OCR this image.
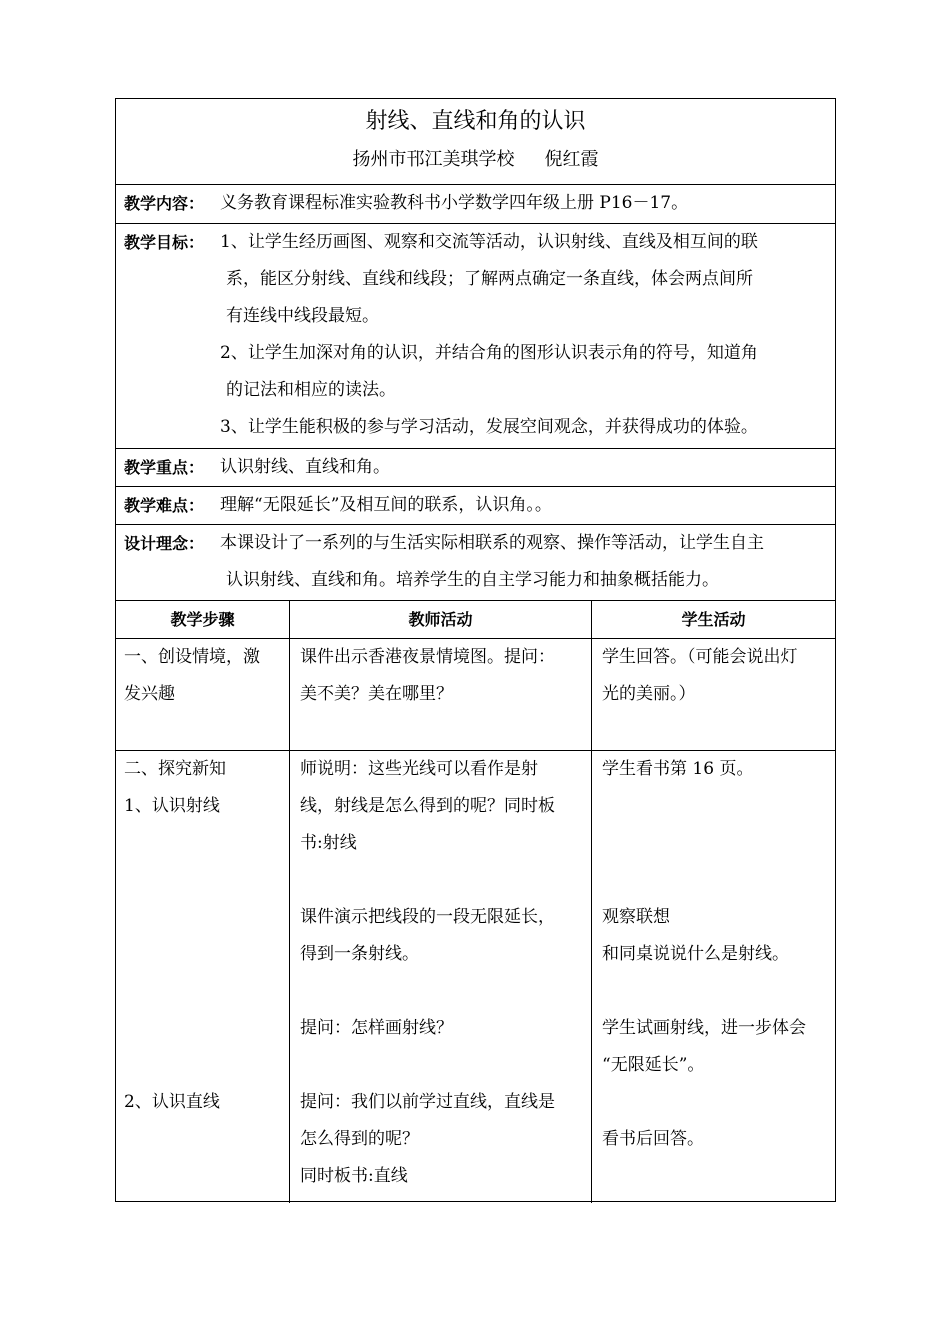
射线、直线和角的认识
扬州市邗江美琪学校 倪红霞
教学内容： 义务教育课程标准实验教科书小学数学四年级上册 P16－17。
教学目标： 1、让学生经历画图、观察和交流等活动，认识射线、直线及相互间的联
系，能区分射线、直线和线段；了解两点确定一条直线，体会两点间所
有连线中线段最短。
2、让学生加深对角的认识，并结合角的图形认识表示角的符号，知道角
的记法和相应的读法。
3、让学生能积极的参与学习活动，发展空间观念，并获得成功的体验。
教学重点： 认识射线、直线和角。
教学难点： 理解“无限延长”及相互间的联系，认识角。。
设计理念： 本课设计了一系列的与生活实际相联系的观察、操作等活动，让学生自主
认识射线、直线和角。培养学生的自主学习能力和抽象概括能力。
教学步骤	教师活动	学生活动
一、创设情境，激
发兴趣
课件出示香港夜景情境图。提问：
美不美？美在哪里？
学生回答。（可能会说出灯
光的美丽。）
二、探究新知
1、认识射线
2、认识直线
师说明：这些光线可以看作是射
线，射线是怎么得到的呢？同时板
书:射线
课件演示把线段的一段无限延长，
得到一条射线。
提问：怎样画射线？
提问：我们以前学过直线，直线是
怎么得到的呢？
同时板书:直线
学生看书第 16 页。
观察联想
和同桌说说什么是射线。
学生试画射线，进一步体会
“无限延长”。
看书后回答。
